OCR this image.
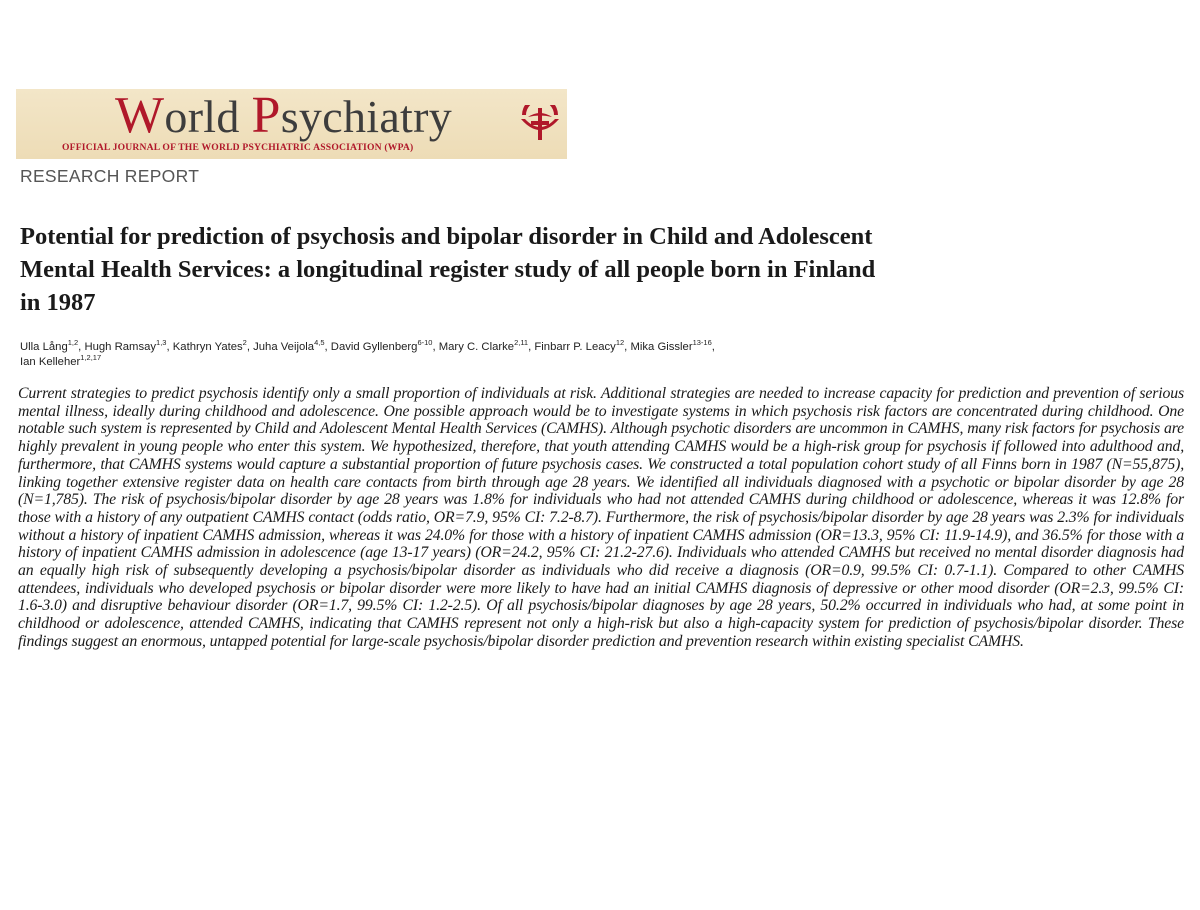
World Psychiatry
OFFICIAL JOURNAL OF THE WORLD PSYCHIATRIC ASSOCIATION (WPA)
RESEARCH REPORT
Potential for prediction of psychosis and bipolar disorder in Child and Adolescent Mental Health Services: a longitudinal register study of all people born in Finland in 1987
Ulla Lång$^{1,2}$, Hugh Ramsay$^{1,3}$, Kathryn Yates$^2$, Juha Veijola$^{4,5}$, David Gyllenberg$^{6-10}$, Mary C. Clarke$^{2,11}$, Finbarr P. Leacy$^{12}$, Mika Gissler$^{13-16}$,
Ian Kelleher$^{1,2,17}$

Current strategies to predict psychosis identify only a small proportion of individuals at risk. Additional strategies are needed to increase capacity for prediction and prevention of serious mental illness, ideally during childhood and adolescence. One possible approach would be to investigate systems in which psychosis risk factors are concentrated during childhood. One notable such system is represented by Child and Adolescent Mental Health Services (CAMHS). Although psychotic disorders are uncommon in CAMHS, many risk factors for psychosis are highly prevalent in young people who enter this system. We hypothesized, therefore, that youth attending CAMHS would be a high-risk group for psychosis if followed into adulthood and, furthermore, that CAMHS systems would capture a substantial proportion of future psychosis cases. We constructed a total population cohort study of all Finns born in 1987 (N=55,875), linking together extensive register data on health care contacts from birth through age 28 years. We identified all individuals diagnosed with a psychotic or bipolar disorder by age 28 (N=1,785). The risk of psychosis/bipolar disorder by age 28 years was 1.8% for individuals who had not attended CAMHS during childhood or adolescence, whereas it was 12.8% for those with a history of any outpatient CAMHS contact (odds ratio, OR=7.9, 95% CI: 7.2-8.7). Furthermore, the risk of psychosis/bipolar disorder by age 28 years was 2.3% for individuals without a history of inpatient CAMHS admission, whereas it was 24.0% for those with a history of inpatient CAMHS admission (OR=13.3, 95% CI: 11.9-14.9), and 36.5% for those with a history of inpatient CAMHS admission in adolescence (age 13-17 years) (OR=24.2, 95% CI: 21.2-27.6). Individuals who attended CAMHS but received no mental disorder diagnosis had an equally high risk of subsequently developing a psychosis/bipolar disorder as individuals who did receive a diagnosis (OR=0.9, 99.5% CI: 0.7-1.1). Compared to other CAMHS attendees, individuals who developed psychosis or bipolar disorder were more likely to have had an initial CAMHS diagnosis of depressive or other mood disorder (OR=2.3, 99.5% CI: 1.6-3.0) and disruptive behaviour disorder (OR=1.7, 99.5% CI: 1.2-2.5). Of all psychosis/bipolar diagnoses by age 28 years, 50.2% occurred in individuals who had, at some point in childhood or adolescence, attended CAMHS, indicating that CAMHS represent not only a high-risk but also a high-capacity system for prediction of psychosis/bipolar disorder. These findings suggest an enormous, untapped potential for large-scale psychosis/bipolar disorder prediction and prevention research within existing specialist CAMHS.
